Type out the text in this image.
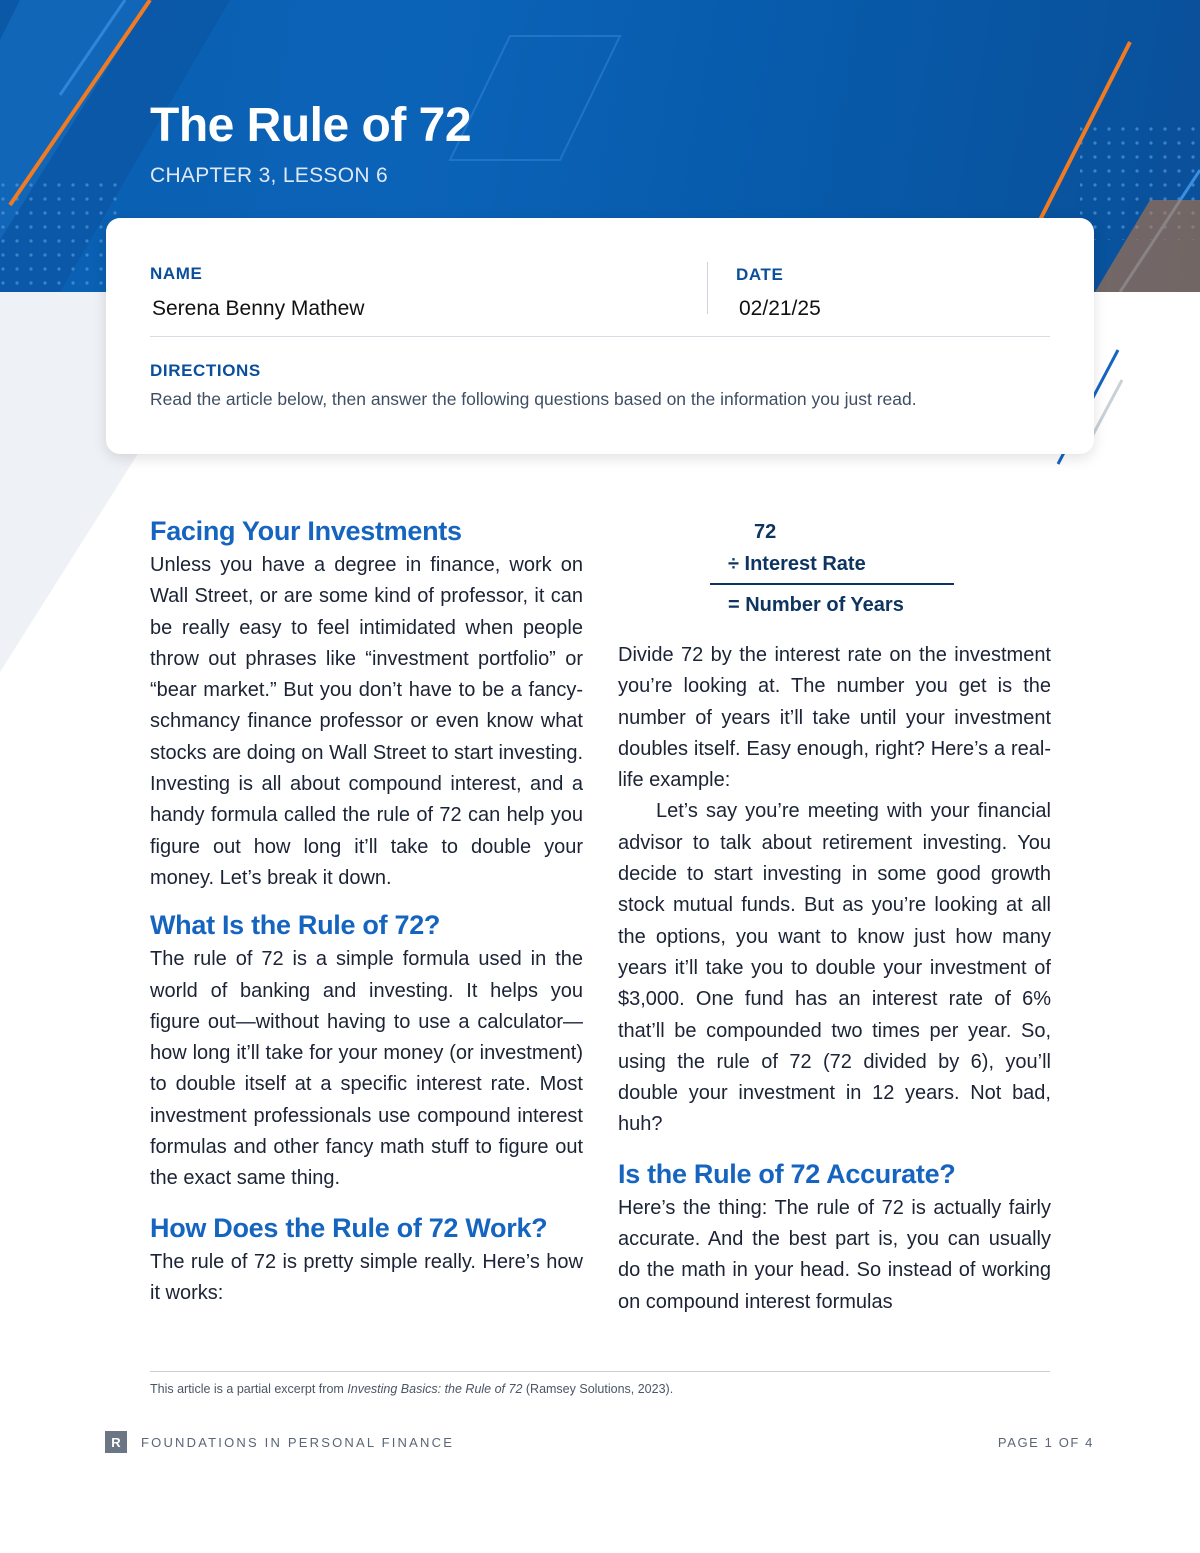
The Rule of 72
CHAPTER 3, LESSON 6
NAME
Serena Benny Mathew
DATE
02/21/25
DIRECTIONS
Read the article below, then answer the following questions based on the information you just read.
Facing Your Investments

Unless you have a degree in finance, work on Wall Street, or are some kind of professor, it can be really easy to feel intimidated when people throw out phrases like “investment portfolio” or “bear market.” But you don’t have to be a fancy-schmancy finance professor or even know what stocks are doing on Wall Street to start investing. Investing is all about compound interest, and a handy formula called the rule of 72 can help you figure out how long it’ll take to double your money. Let’s break it down.

What Is the Rule of 72?

The rule of 72 is a simple formula used in the world of banking and investing. It helps you figure out—without having to use a calculator—how long it’ll take for your money (or investment) to double itself at a specific interest rate. Most investment professionals use compound interest formulas and other fancy math stuff to figure out the exact same thing.

How Does the Rule of 72 Work?

The rule of 72 is pretty simple really. Here’s how it works:

72
÷ Interest Rate
= Number of Years

Divide 72 by the interest rate on the investment you’re looking at. The number you get is the number of years it’ll take until your investment doubles itself. Easy enough, right? Here’s a real-life example:

Let’s say you’re meeting with your financial advisor to talk about retirement investing. You decide to start investing in some good growth stock mutual funds. But as you’re looking at all the options, you want to know just how many years it’ll take you to double your investment of $3,000. One fund has an interest rate of 6% that’ll be compounded two times per year. So, using the rule of 72 (72 divided by 6), you’ll double your investment in 12 years. Not bad, huh?

Is the Rule of 72 Accurate?

Here’s the thing: The rule of 72 is actually fairly accurate. And the best part is, you can usually do the math in your head. So instead of working on compound interest formulas

This article is a partial excerpt from Investing Basics: the Rule of 72 (Ramsey Solutions, 2023).
R	FOUNDATIONS IN PERSONAL FINANCE	PAGE 1 OF 4
